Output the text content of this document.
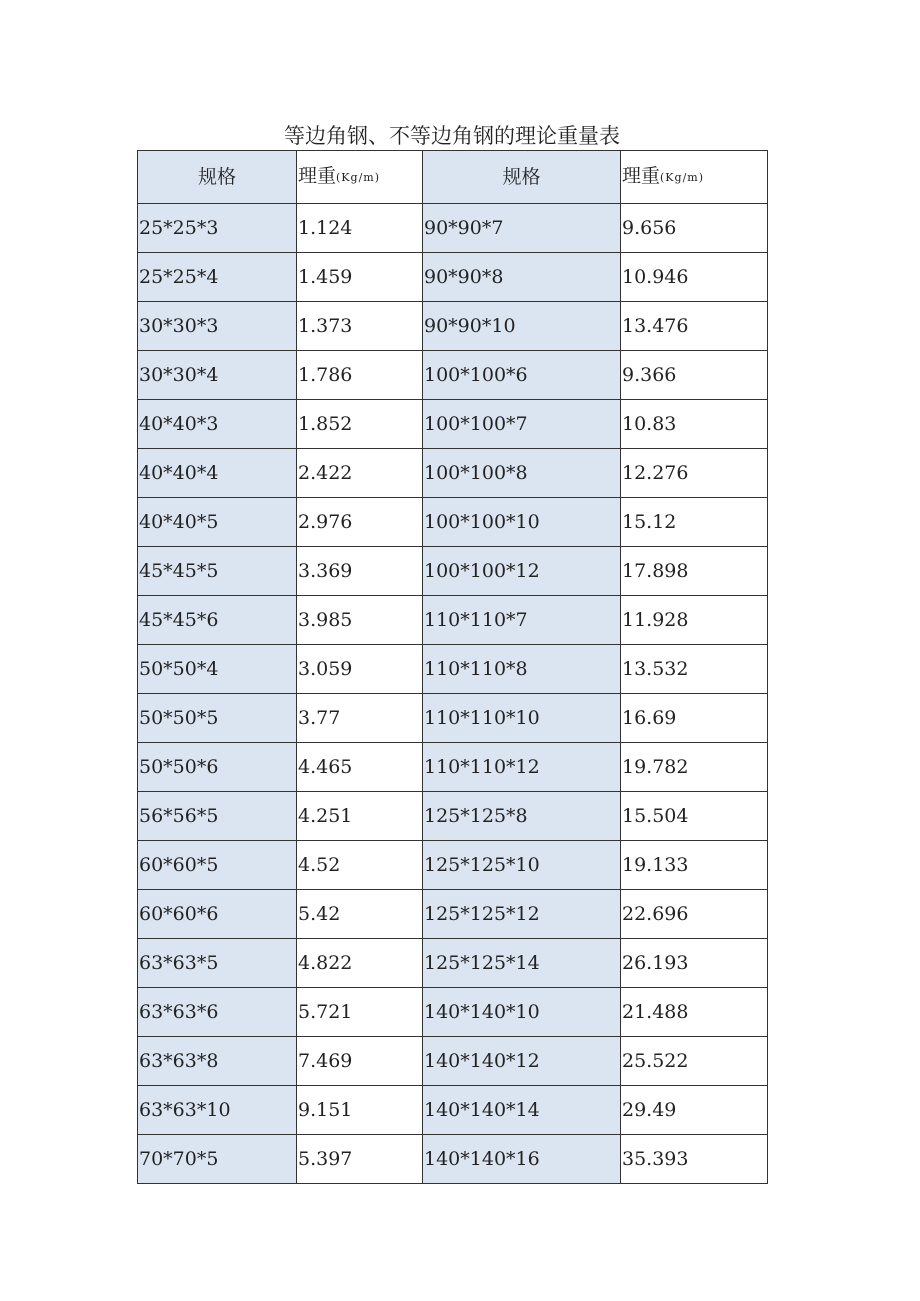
等边角钢、不等边角钢的理论重量表
规格	理重(Kg/m)	规格	理重(Kg/m)
25*25*3	1.124	90*90*7	9.656
25*25*4	1.459	90*90*8	10.946
30*30*3	1.373	90*90*10	13.476
30*30*4	1.786	100*100*6	9.366
40*40*3	1.852	100*100*7	10.83
40*40*4	2.422	100*100*8	12.276
40*40*5	2.976	100*100*10	15.12
45*45*5	3.369	100*100*12	17.898
45*45*6	3.985	110*110*7	11.928
50*50*4	3.059	110*110*8	13.532
50*50*5	3.77	110*110*10	16.69
50*50*6	4.465	110*110*12	19.782
56*56*5	4.251	125*125*8	15.504
60*60*5	4.52	125*125*10	19.133
60*60*6	5.42	125*125*12	22.696
63*63*5	4.822	125*125*14	26.193
63*63*6	5.721	140*140*10	21.488
63*63*8	7.469	140*140*12	25.522
63*63*10	9.151	140*140*14	29.49
70*70*5	5.397	140*140*16	35.393
